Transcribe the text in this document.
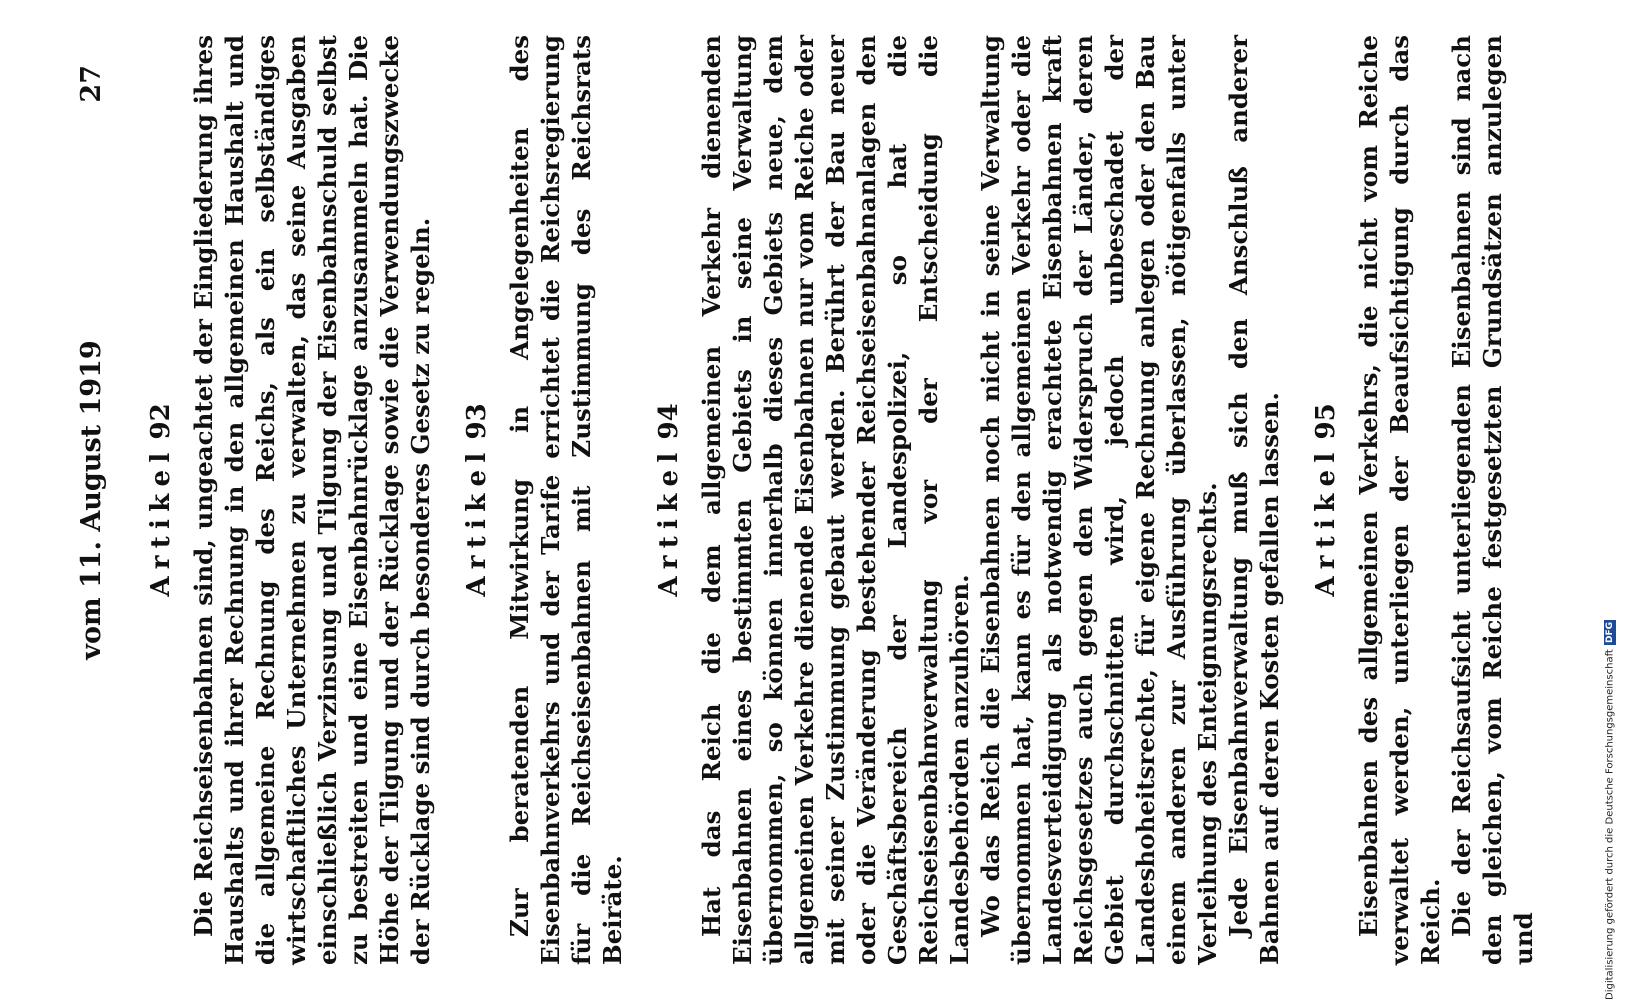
vom 11. August 1919
27
Artikel92 Die Reichseisenbahnen sind, ungeachtet der Eingliederung ihres Haushalts und ihrer Rechnung in den allgemeinen Haushalt und die allgemeine Rechnung des Reichs, als ein selbständiges wirtschaftliches Unternehmen zu verwalten, das seine Ausgaben einschließlich Verzinsung und Tilgung der Eisenbahnschuld selbst zu bestreiten und eine Eisenbahnrücklage anzusammeln hat. Die Höhe der Tilgung und der Rücklage sowie die Verwendungszwecke der Rücklage sind durch besonderes Gesetz zu regeln. Artikel93 Zur beratenden Mitwirkung in Angelegenheiten des Eisenbahnverkehrs und der Tarife errichtet die Reichsregierung für die Reichseisenbahnen mit Zustimmung des Reichsrats Beiräte.

Artikel94 Hat das Reich die dem allgemeinen Verkehr dienenden Eisenbahnen eines bestimmten Gebiets in seine Verwaltung übernommen, so können innerhalb dieses Gebiets neue, dem allgemeinen Verkehre dienende Eisenbahnen nur vom Reiche oder mit seiner Zustimmung gebaut werden. Berührt der Bau neuer oder die Veränderung bestehender Reichseisenbahnanlagen den Geschäftsbereich der Landespolizei, so hat die Reichseisenbahnverwaltung vor der Entscheidung die Landesbehörden anzuhören. Wo das Reich die Eisenbahnen noch nicht in seine Verwaltung übernommen hat, kann es für den allgemeinen Verkehr oder die Landesverteidigung als notwendig erachtete Eisenbahnen kraft Reichsgesetzes auch gegen den Widerspruch der Länder, deren Gebiet durchschnitten wird, jedoch unbeschadet der Landeshoheitsrechte, für eigene Rechnung anlegen oder den Bau einem anderen zur Ausführung überlassen, nötigenfalls unter Verleihung des Enteignungsrechts. Jede Eisenbahnverwaltung muß sich den Anschluß anderer Bahnen auf deren Kosten gefallen lassen. Artikel95 Eisenbahnen des allgemeinen Verkehrs, die nicht vom Reiche verwaltet werden, unterliegen der Beaufsichtigung durch das Reich. Die der Reichsaufsicht unterliegenden Eisenbahnen sind nach den gleichen, vom Reiche festgesetzten Grundsätzen anzulegen und	Digitalisierung gefördert durch die Deutsche Forschungsgemeinschaft
DFG
